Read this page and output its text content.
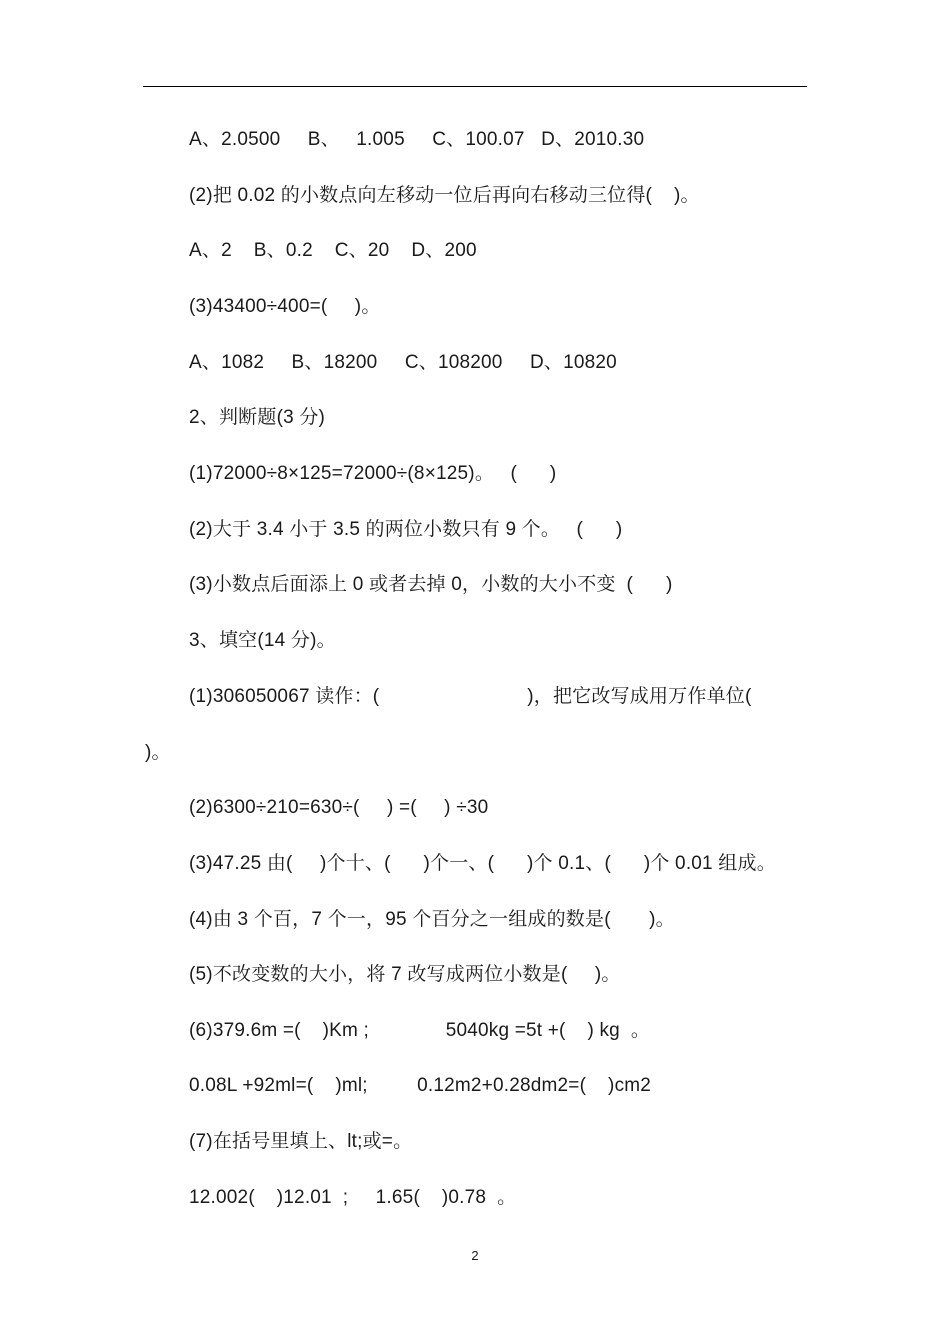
A、2.0500     B、   1.005     C、100.07   D、2010.30
(2)把 0.02 的小数点向左移动一位后再向右移动三位得(    )。
A、2    B、0.2    C、20    D、200
(3)43400÷400=(     )。
A、1082     B、18200     C、108200     D、10820
2、判断题(3 分)
(1)72000÷8×125=72000÷(8×125)。   (      )
(2)大于 3.4 小于 3.5 的两位小数只有 9 个。   (      )
(3)小数点后面添上 0 或者去掉 0，小数的大小不变  (      )
3、填空(14 分)。
(1)306050067 读作：(                           )，把它改写成用万作单位(
)。
(2)6300÷210=630÷(     ) =(     ) ÷30
(3)47.25 由(     )个十、(      )个一、(      )个 0.1、(      )个 0.01 组成。
(4)由 3 个百，7 个一，95 个百分之一组成的数是(       )。
(5)不改变数的大小，将 7 改写成两位小数是(     )。
(6)379.6m =(    )Km ;              5040kg =5t +(    ) kg  。
0.08L +92ml=(    )ml;         0.12m2+0.28dm2=(    )cm2
(7)在括号里填上、lt;或=。
12.002(    )12.01  ;     1.65(    )0.78  。
2
